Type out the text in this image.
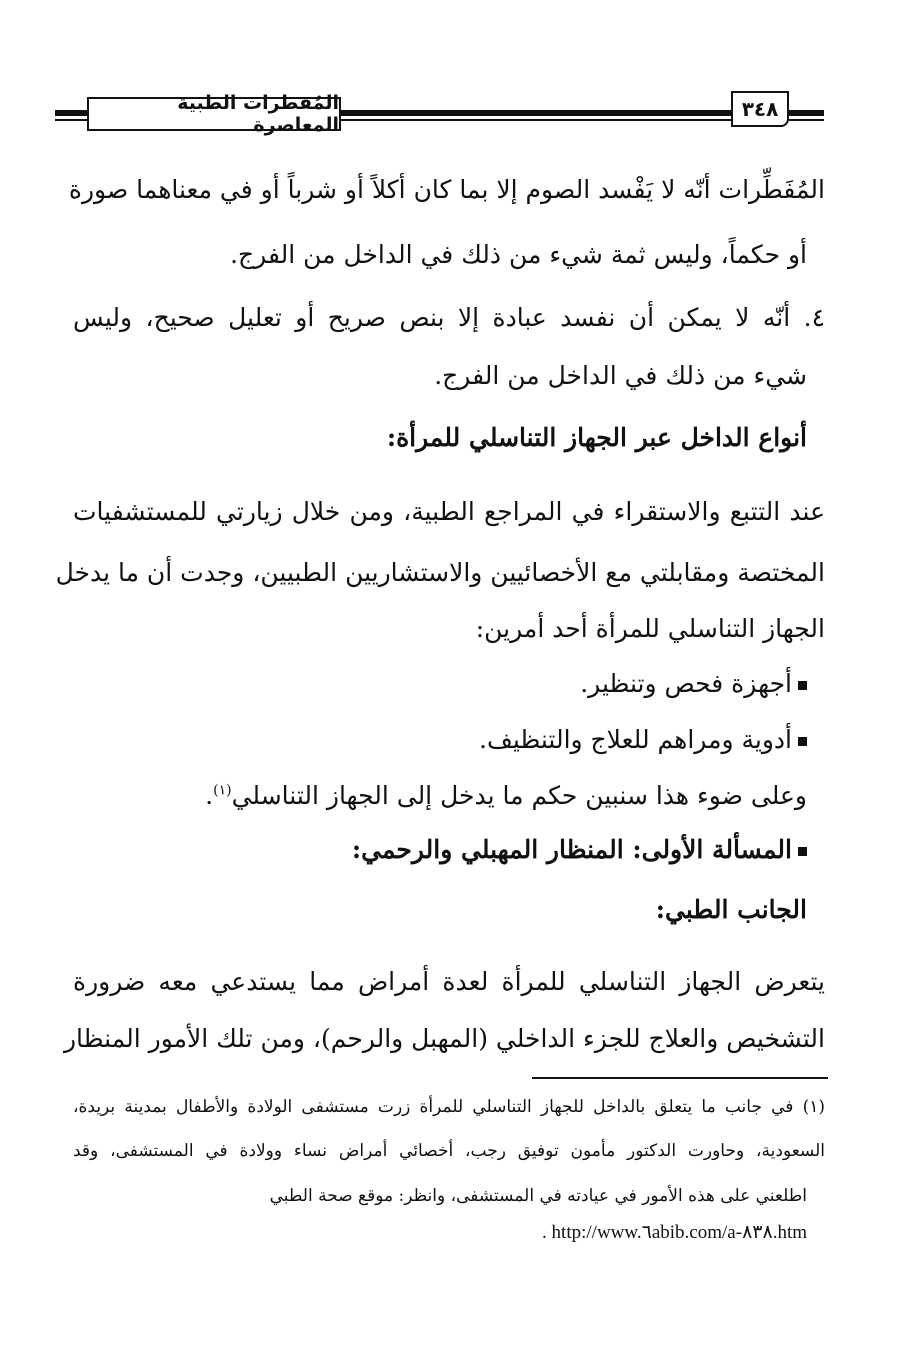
المُفطرات الطبية المعاصرة
٣٤٨
المُفَطِّرات أنّه لا يَفْسد الصوم إلا بما كان أكلاً أو شرباً أو في معناهما صورة
أو حكماً، وليس ثمة شيء من ذلك في الداخل من الفرج.
٤. أنّه لا يمكن أن نفسد عبادة إلا بنص صريح أو تعليل صحيح، وليس
شيء من ذلك في الداخل من الفرج.
أنواع الداخل عبر الجهاز التناسلي للمرأة:
عند التتبع والاستقراء في المراجع الطبية، ومن خلال زيارتي للمستشفيات
المختصة ومقابلتي مع الأخصائيين والاستشاريين الطبيين، وجدت أن ما يدخل
الجهاز التناسلي للمرأة أحد أمرين:
أجهزة فحص وتنظير.
أدوية ومراهم للعلاج والتنظيف.
وعلى ضوء هذا سنبين حكم ما يدخل إلى الجهاز التناسلي$^{(١)}$.
المسألة الأولى: المنظار المهبلي والرحمي:
الجانب الطبي:
يتعرض الجهاز التناسلي للمرأة لعدة أمراض مما يستدعي معه ضرورة
التشخيص والعلاج للجزء الداخلي (المهبل والرحم)، ومن تلك الأمور المنظار
(١) في جانب ما يتعلق بالداخل للجهاز التناسلي للمرأة زرت مستشفى الولادة والأطفال بمدينة بريدة،
السعودية، وحاورت الدكتور مأمون توفيق رجب، أخصائي أمراض نساء وولادة في المستشفى، وقد
اطلعني على هذه الأمور في عيادته في المستشفى، وانظر: موقع صحة الطبي
. http://www.٦abib.com/a-٨٣٨.htm
